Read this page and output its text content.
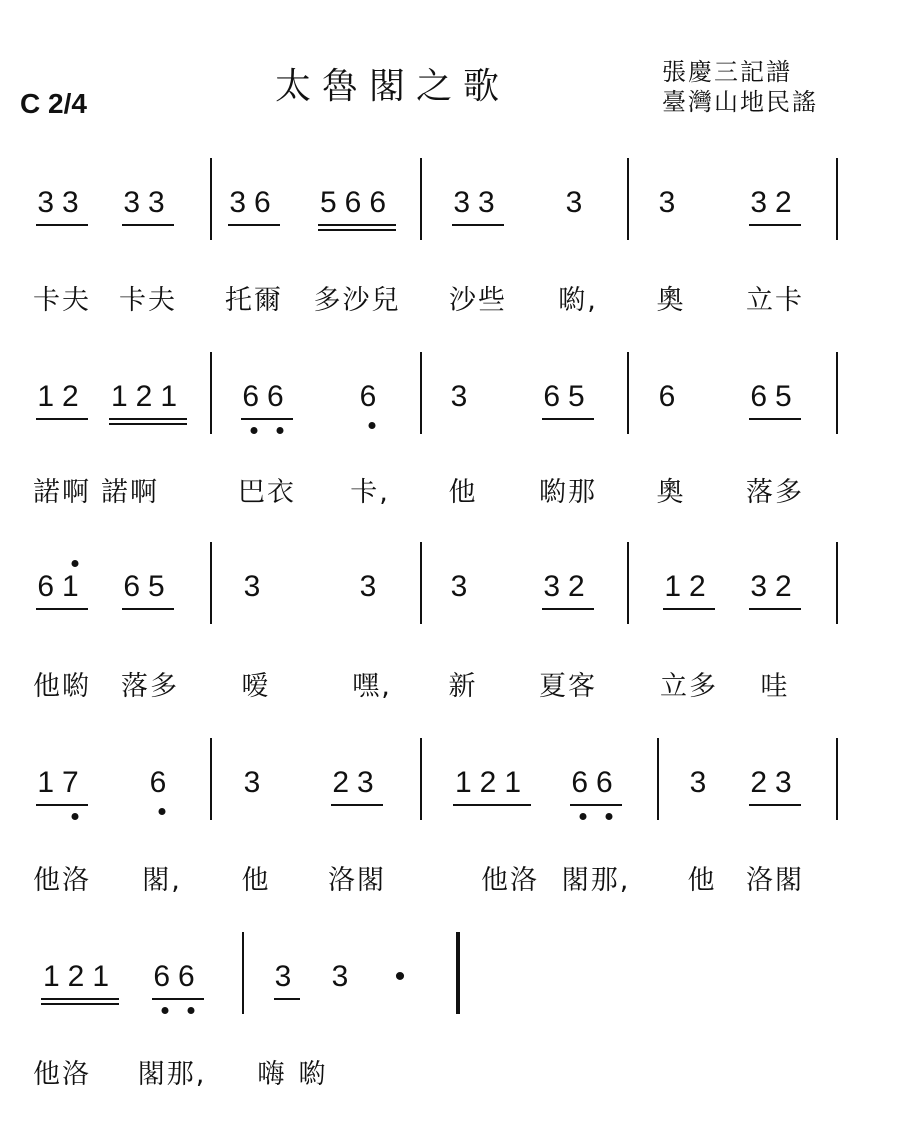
太魯閣之歌	張慶三記譜
臺灣山地民謠
C 2/4
33 33 36 566 33 3 3 32
卡夫 卡夫 托爾 多沙兒 沙些 喲, 奧 立卡
12 121 66 6 3 65 6 65
諾啊 諾啊	巴衣 卡, 他 喲那 奧 落多
61 65 3	3 3 32 12 32
他喲 落多 嗳	嘿, 新 夏客 立多 哇
17 6 3 23 121 66 3 23
他洛 閣, 他 洛閣	他洛 閣那, 他 洛閣
121 66 3 3 •
他洛 閣那, 嗨 喲
